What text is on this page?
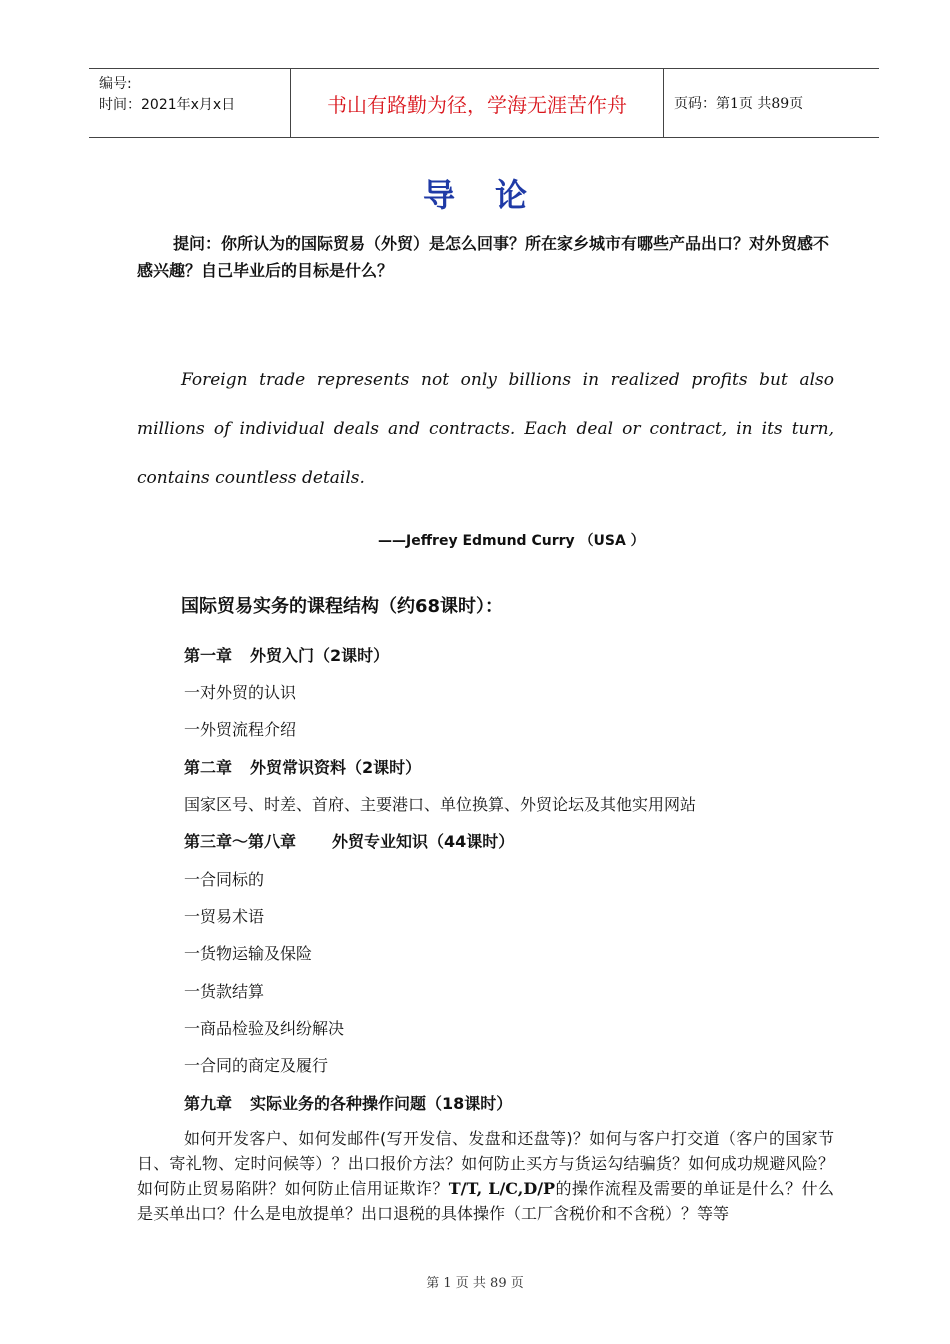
编号:
时间：2021年x月x日	书山有路勤为径，学海无涯苦作舟	页码：第1页 共89页
导论
提问：你所认为的国际贸易（外贸）是怎么回事？所在家乡城市有哪些产品出口？对外贸感不感兴趣？自己毕业后的目标是什么？
Foreign trade represents not only billions in realized profits but also millions of individual deals and contracts. Each deal or contract, in its turn, contains countless details.
——Jeffrey Edmund Curry （USA ）
国际贸易实务的课程结构（约68课时）：
第一章 外贸入门（2课时）
一对外贸的认识
一外贸流程介绍
第二章 外贸常识资料（2课时）
国家区号、时差、首府、主要港口、单位换算、外贸论坛及其他实用网站
第三章～第八章 外贸专业知识（44课时）
一合同标的
一贸易术语
一货物运输及保险
一货款结算
一商品检验及纠纷解决
一合同的商定及履行
第九章 实际业务的各种操作问题（18课时）
如何开发客户、如何发邮件(写开发信、发盘和还盘等)？如何与客户打交道（客户的国家节日、寄礼物、定时问候等）？出口报价方法？如何防止买方与货运勾结骗货？如何成功规避风险？如何防止贸易陷阱？如何防止信用证欺诈？T/T, L/C,D/P的操作流程及需要的单证是什么？什么是买单出口？什么是电放提单？出口退税的具体操作（工厂含税价和不含税）？等等
第 1 页 共 89 页
